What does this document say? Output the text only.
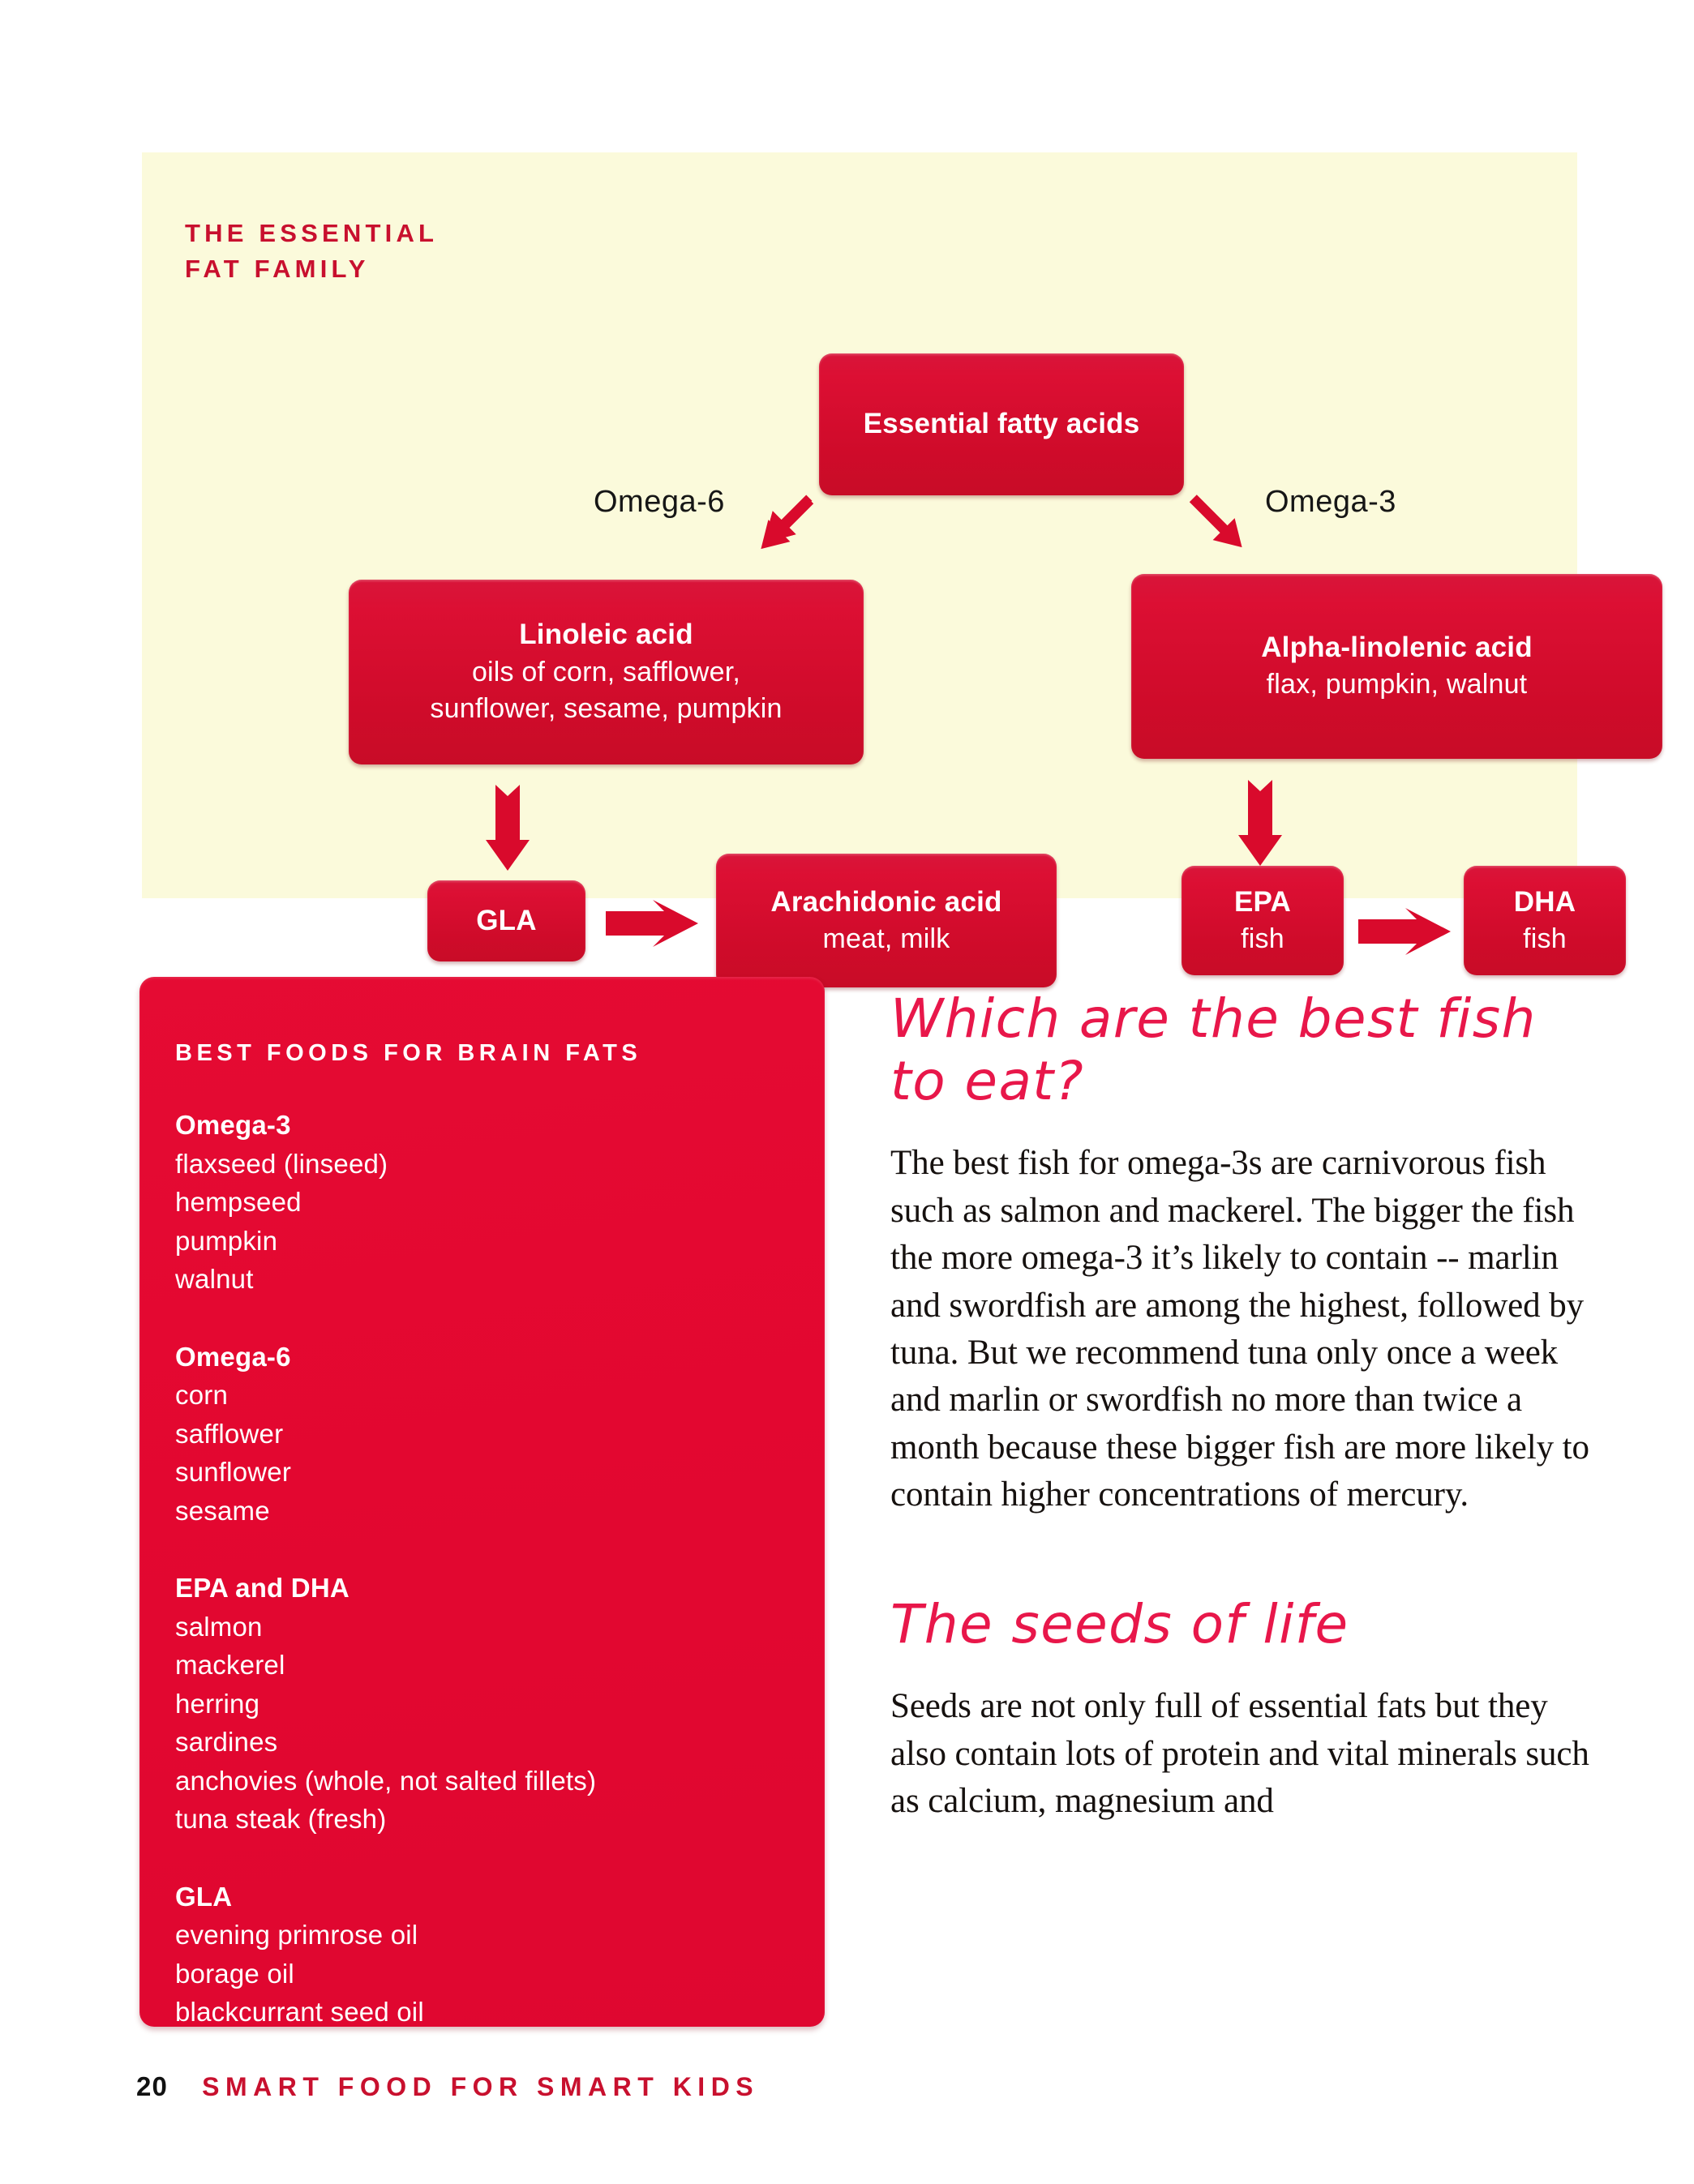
THE ESSENTIAL
FAT FAMILY
Essential fatty acids
Omega-6	Omega-3
Linoleic acid
oils of corn, safflower,
sunflower, sesame, pumpkin
GLA
Arachidonic acid
meat, milk
Alpha-linolenic acid
flax, pumpkin, walnut
EPA
fish
DHA
fish
BEST FOODS FOR BRAIN FATS
Omega-3
flaxseed (linseed)
hempseed
pumpkin
walnut
Omega-6
corn
safflower
sunflower
sesame
EPA and DHA
salmon
mackerel
herring
sardines
anchovies (whole, not salted fillets)
tuna steak (fresh)
GLA
evening primrose oil
borage oil
blackcurrant seed oil
Which are the best fish to eat?

The best fish for omega-3s are carnivorous fish such as salmon and mackerel. The bigger the fish the more omega-3 it’s likely to contain -- marlin and swordfish are among the highest, followed by tuna. But we recommend tuna only once a week and marlin or swordfish no more than twice a month because these bigger fish are more likely to contain higher concentrations of mercury.

The seeds of life

Seeds are not only full of essential fats but they also contain lots of protein and vital minerals such as calcium, magnesium and

20 SMART FOOD FOR SMART KIDS
